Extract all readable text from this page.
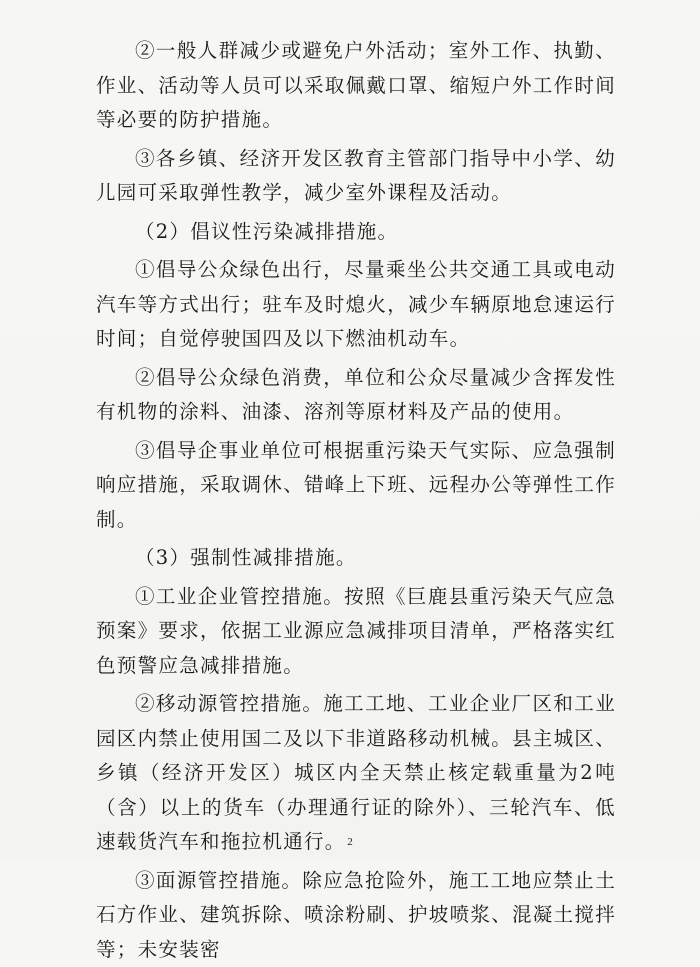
②一般人群减少或避免户外活动；室外工作、执勤、作业、活动等人员可以采取佩戴口罩、缩短户外工作时间等必要的防护措施。

③各乡镇、经济开发区教育主管部门指导中小学、幼儿园可采取弹性教学，减少室外课程及活动。

（2）倡议性污染减排措施。

①倡导公众绿色出行，尽量乘坐公共交通工具或电动汽车等方式出行；驻车及时熄火，减少车辆原地怠速运行时间；自觉停驶国四及以下燃油机动车。

②倡导公众绿色消费，单位和公众尽量减少含挥发性有机物的涂料、油漆、溶剂等原材料及产品的使用。

③倡导企事业单位可根据重污染天气实际、应急强制响应措施，采取调休、错峰上下班、远程办公等弹性工作制。

（3）强制性减排措施。

①工业企业管控措施。按照《巨鹿县重污染天气应急预案》要求，依据工业源应急减排项目清单，严格落实红色预警应急减排措施。

②移动源管控措施。施工工地、工业企业厂区和工业园区内禁止使用国二及以下非道路移动机械。县主城区、乡镇（经济开发区）城区内全天禁止核定载重量为2吨（含）以上的货车（办理通行证的除外）、三轮汽车、低速载货汽车和拖拉机通行。

③面源管控措施。除应急抢险外，施工工地应禁止土石方作业、建筑拆除、喷涂粉刷、护坡喷浆、混凝土搅拌等；未安装密

2
